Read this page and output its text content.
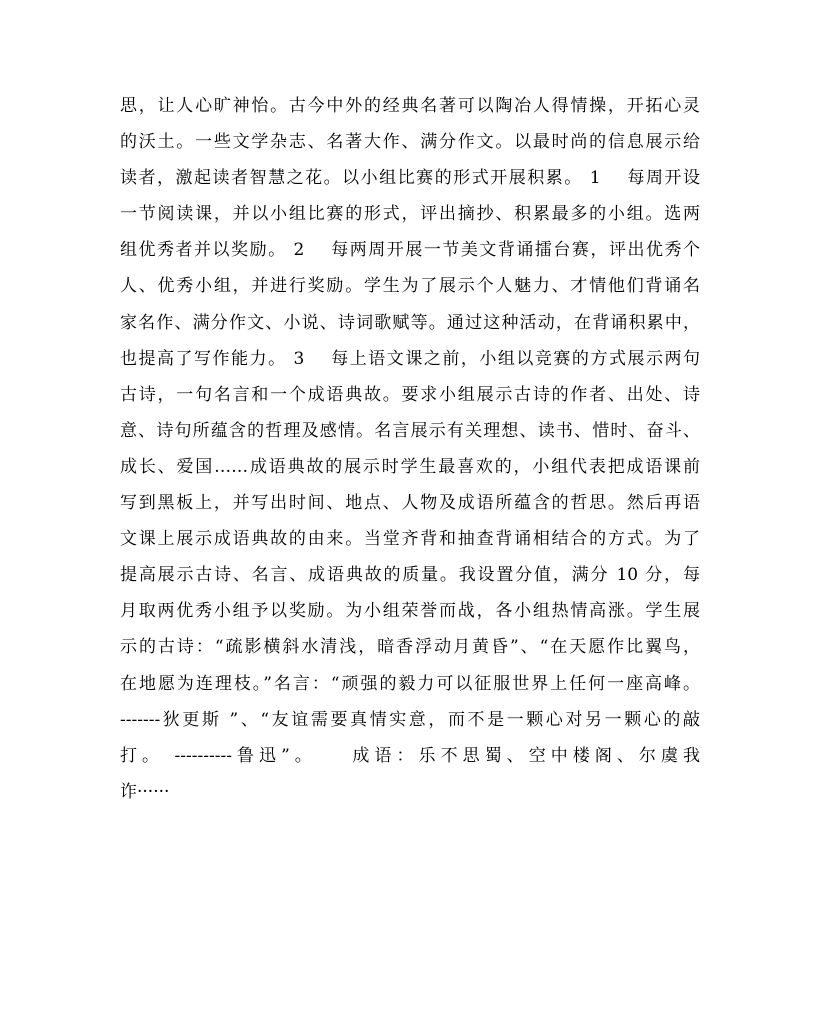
思，让人心旷神怡。古今中外的经典名著可以陶冶人得情操，开拓心灵
的沃土。一些文学杂志、名著大作、满分作文。以最时尚的信息展示给
读者，激起读者智慧之花。以小组比赛的形式开展积累。 1　 每周开设
一节阅读课，并以小组比赛的形式，评出摘抄、积累最多的小组。选两
组优秀者并以奖励。 2　 每两周开展一节美文背诵擂台赛，评出优秀个
人、优秀小组，并进行奖励。学生为了展示个人魅力、才情他们背诵名
家名作、满分作文、小说、诗词歌赋等。通过这种活动，在背诵积累中，
也提高了写作能力。 3　 每上语文课之前，小组以竞赛的方式展示两句
古诗，一句名言和一个成语典故。要求小组展示古诗的作者、出处、诗
意、诗句所蕴含的哲理及感情。名言展示有关理想、读书、惜时、奋斗、
成长、爱国……成语典故的展示时学生最喜欢的，小组代表把成语课前
写到黑板上，并写出时间、地点、人物及成语所蕴含的哲思。然后再语
文课上展示成语典故的由来。当堂齐背和抽查背诵相结合的方式。为了
提高展示古诗、名言、成语典故的质量。我设置分值，满分 10 分，每
月取两优秀小组予以奖励。为小组荣誉而战，各小组热情高涨。学生展
示的古诗：“疏影横斜水清浅，暗香浮动月黄昏”、“在天愿作比翼鸟，
在地愿为连理枝。”名言：“顽强的毅力可以征服世界上任何一座高峰。
-------狄更斯 ”、“友谊需要真情实意，而不是一颗心对另一颗心的敲
打。 ----------鲁迅”。　　成语：乐不思蜀、空中楼阁、尔虞我
诈······
